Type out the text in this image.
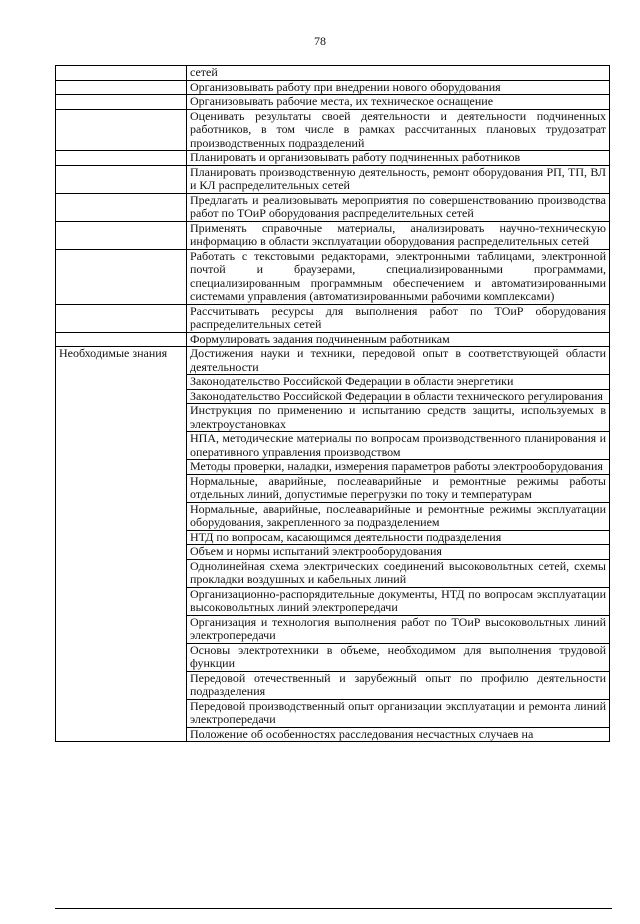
78
	сетей
	Организовывать работу при внедрении нового оборудования
	Организовывать рабочие места, их техническое оснащение
	Оценивать результаты своей деятельности и деятельности подчиненных работников, в том числе в рамках рассчитанных плановых трудозатрат производственных подразделений
	Планировать и организовывать работу подчиненных работников
	Планировать производственную деятельность, ремонт оборудования РП, ТП, ВЛ и КЛ распределительных сетей
	Предлагать и реализовывать мероприятия по совершенствованию производства работ по ТОиР оборудования распределительных сетей
	Применять справочные материалы, анализировать научно-техническую информацию в области эксплуатации оборудования распределительных сетей
	Работать с текстовыми редакторами, электронными таблицами, электронной почтой и браузерами, специализированными программами, специализированным программным обеспечением и автоматизированными системами управления (автоматизированными рабочими комплексами)
	Рассчитывать ресурсы для выполнения работ по ТОиР оборудования распределительных сетей
	Формулировать задания подчиненным работникам
Необходимые знания	Достижения науки и техники, передовой опыт в соответствующей области деятельности
	Законодательство Российской Федерации в области энергетики
	Законодательство Российской Федерации в области технического регулирования
	Инструкция по применению и испытанию средств защиты, используемых в электроустановках
	НПА, методические материалы по вопросам производственного планирования и оперативного управления производством
	Методы проверки, наладки, измерения параметров работы электрооборудования
	Нормальные, аварийные, послеаварийные и ремонтные режимы работы отдельных линий, допустимые перегрузки по току и температурам
	Нормальные, аварийные, послеаварийные и ремонтные режимы эксплуатации оборудования, закрепленного за подразделением
	НТД по вопросам, касающимся деятельности подразделения
	Объем и нормы испытаний электрооборудования
	Однолинейная схема электрических соединений высоковольтных сетей, схемы прокладки воздушных и кабельных линий
	Организационно-распорядительные документы, НТД по вопросам эксплуатации высоковольтных линий электропередачи
	Организация и технология выполнения работ по ТОиР высоковольтных линий электропередачи
	Основы электротехники в объеме, необходимом для выполнения трудовой функции
	Передовой отечественный и зарубежный опыт по профилю деятельности подразделения
	Передовой производственный опыт организации эксплуатации и ремонта линий электропередачи
	Положение об особенностях расследования несчастных случаев на
